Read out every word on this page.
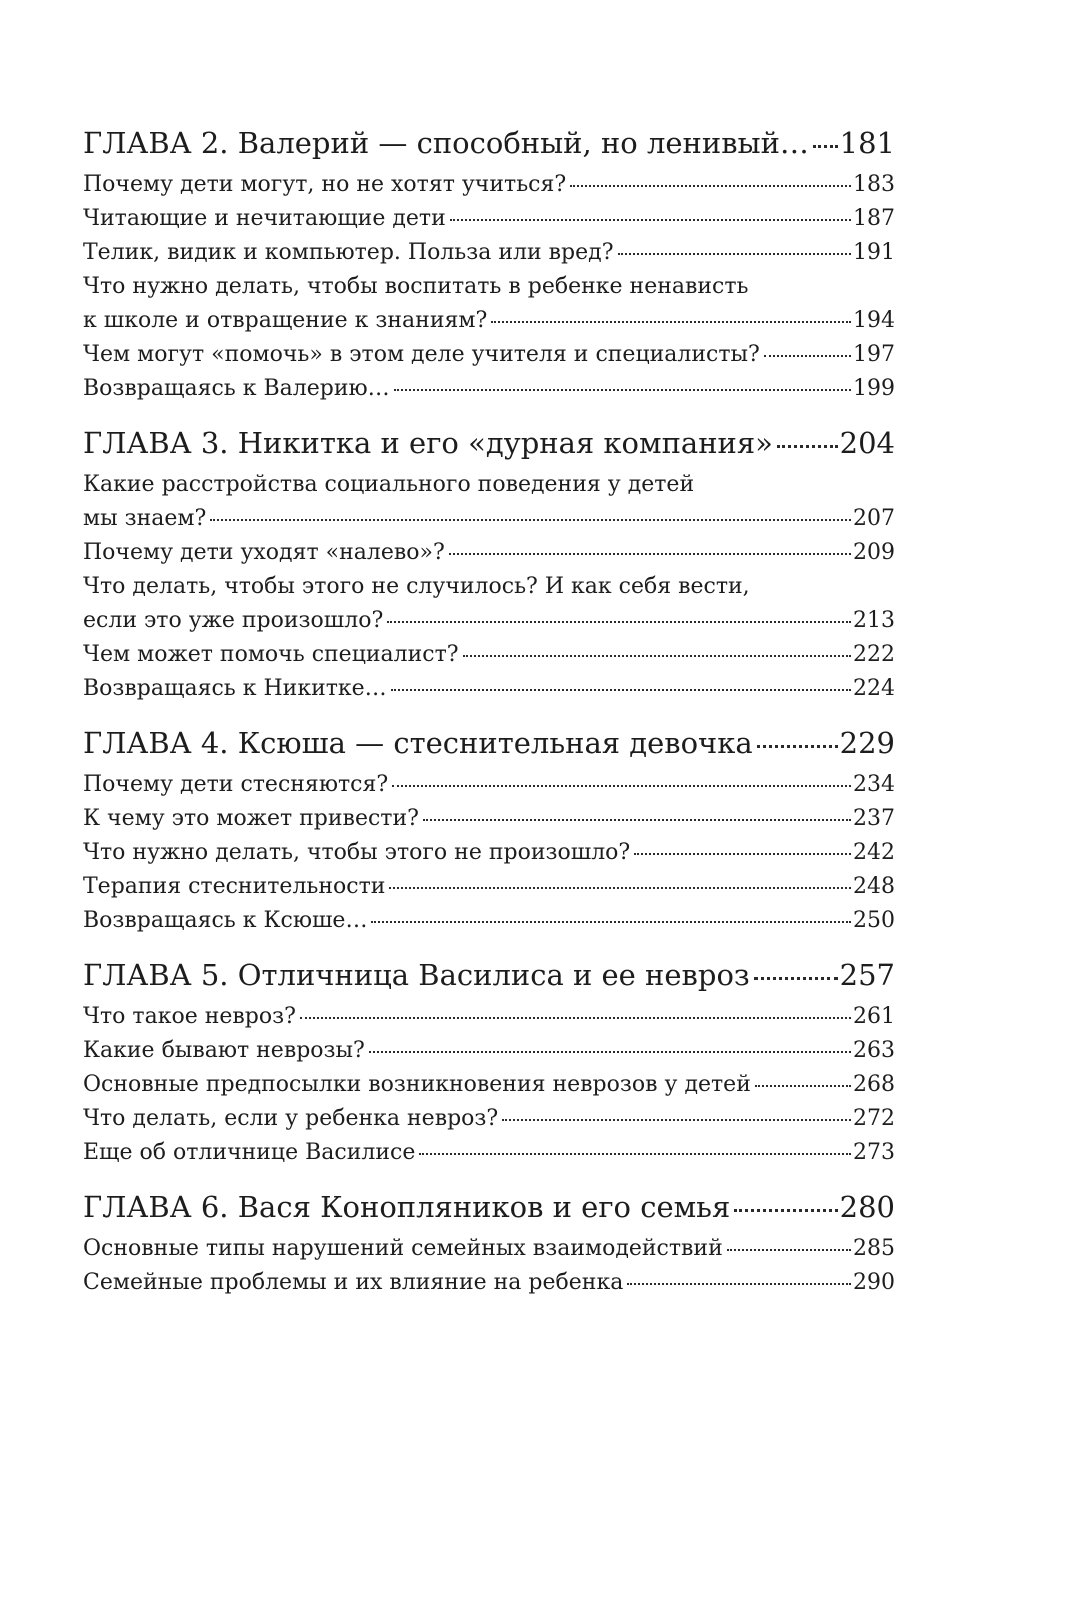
ГЛАВА 2. Валерий — способный, но ленивый… 181
Почему дети могут, но не хотят учиться?	183
Читающие и нечитающие дети	187
Телик, видик и компьютер. Польза или вред?	191
Что нужно делать, чтобы воспитать в ребенке ненависть
к школе и отвращение к знаниям?	194
Чем могут «помочь» в этом деле учителя и специалисты?	197
Возвращаясь к Валерию…	199
ГЛАВА 3. Никитка и его «дурная компания» 204
Какие расстройства социального поведения у детей
мы знаем?	207
Почему дети уходят «налево»?	209
Что делать, чтобы этого не случилось? И как себя вести,
если это уже произошло?	213
Чем может помочь специалист?	222
Возвращаясь к Никитке…	224
ГЛАВА 4. Ксюша — стеснительная девочка	229
Почему дети стесняются?	234
К чему это может привести?	237
Что нужно делать, чтобы этого не произошло?	242
Терапия стеснительности	248
Возвращаясь к Ксюше…	250
ГЛАВА 5. Отличница Василиса и ее невроз	257
Что такое невроз?	261
Какие бывают неврозы?	263
Основные предпосылки возникновения неврозов у детей	268
Что делать, если у ребенка невроз?	272
Еще об отличнице Василисе	273
ГЛАВА 6. Вася Конопляников и его семья	280
Основные типы нарушений семейных взаимодействий	285
Семейные проблемы и их влияние на ребенка	290
